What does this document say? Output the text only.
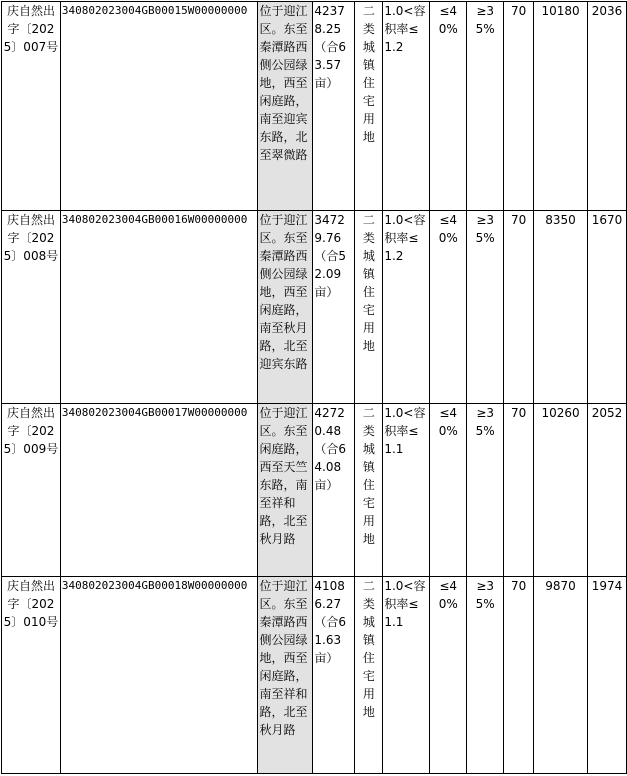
庆自然出字〔2025〕007号	340802023004GB00015W00000000	位于迎江区。东至秦潭路西侧公园绿地，西至闲庭路，南至迎宾东路，北至翠微路	42378.25（合63.57亩）	二类城镇住宅用地	1.0<容积率≤1.2	≤40%	≥35%	70	10180	2036
庆自然出字〔2025〕008号	340802023004GB00016W00000000	位于迎江区。东至秦潭路西侧公园绿地，西至闲庭路，南至秋月路，北至迎宾东路	34729.76（合52.09亩）	二类城镇住宅用地	1.0<容积率≤1.2	≤40%	≥35%	70	8350	1670
庆自然出字〔2025〕009号	340802023004GB00017W00000000	位于迎江区。东至闲庭路，西至天竺东路，南至祥和路，北至秋月路	42720.48（合64.08亩）	二类城镇住宅用地	1.0<容积率≤1.1	≤40%	≥35%	70	10260	2052
庆自然出字〔2025〕010号	340802023004GB00018W00000000	位于迎江区。东至秦潭路西侧公园绿地，西至闲庭路，南至祥和路，北至秋月路	41086.27（合61.63亩）	二类城镇住宅用地	1.0<容积率≤1.1	≤40%	≥35%	70	9870	1974
